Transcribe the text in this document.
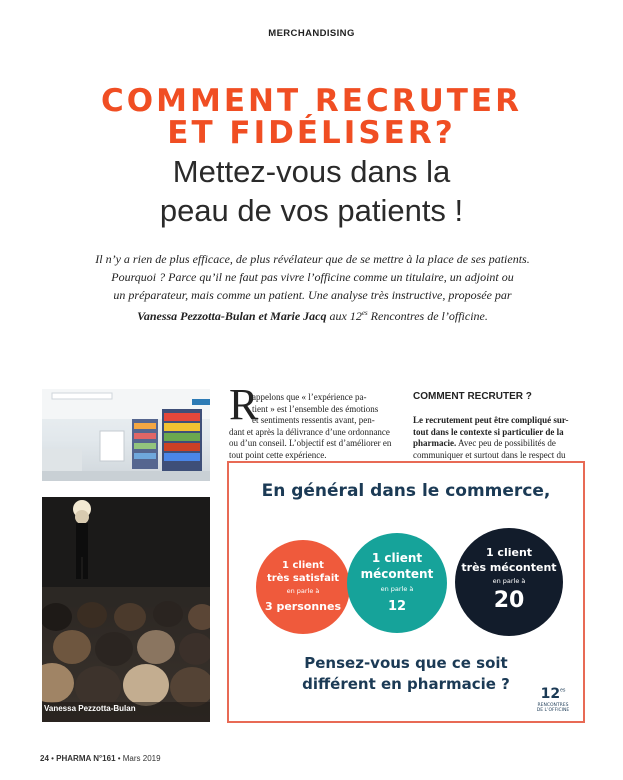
MERCHANDISING
COMMENT RECRUTER
ET FIDÉLISER?
Mettez-vous dans la
peau de vos patients !
Il n’y a rien de plus efficace, de plus révélateur que de se mettre à la place de ses patients.
Pourquoi ? Parce qu’il ne faut pas vivre l’officine comme un titulaire, un adjoint ou
un préparateur, mais comme un patient. Une analyse très instructive, proposée par
Vanessa Pezzotta-Bulan et Marie Jacq aux $12^{es}$ Rencontres de l’officine.
Vanessa Pezzotta-Bulan
R
appelons que « l’expérience pa-
tient » est l’ensemble des émotions
et sentiments ressentis avant, pen-
dant et après la délivrance d’une ordonnance
ou d’un conseil. L’objectif est d’améliorer en
tout point cette expérience.
COMMENT RECRUTER ?
Le recrutement peut être compliqué sur-
tout dans le contexte si particulier de la
pharmacie. Avec peu de possibilités de
communiquer et surtout dans le respect du
En général dans le commerce,
1 client
très satisfait
en parle à
3 personnes
1 client
mécontent
en parle à
12
1 client
très mécontent
en parle à
20
Pensez-vous que ce soit
différent en pharmacie ?
$12^{es}$
RENCONTRES
DE L’OFFICINE
24 • PHARMA N°161 • Mars 2019
